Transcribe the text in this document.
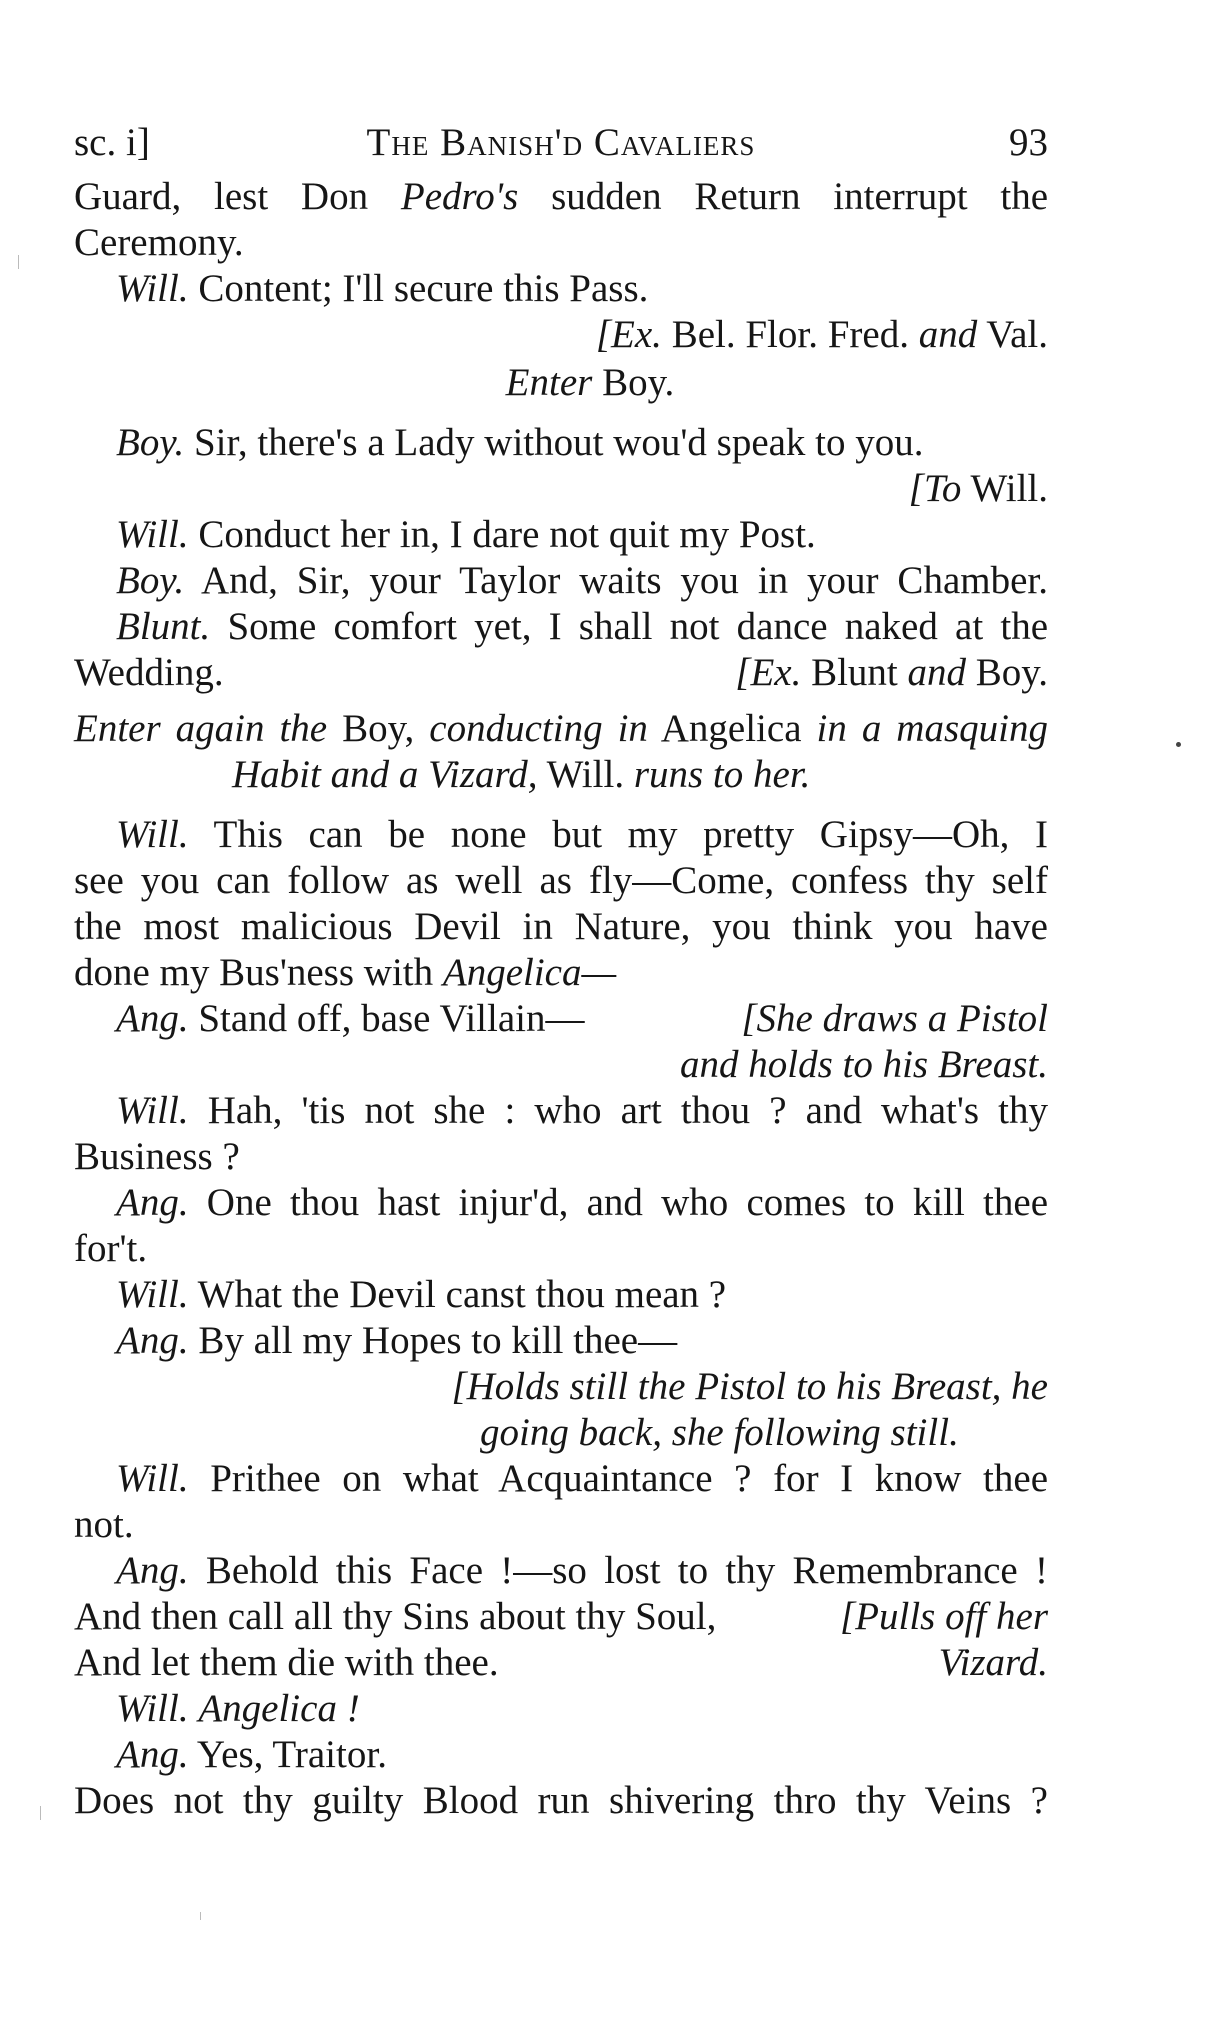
sc. i]	The Banish'd Cavaliers	93
Guard, lest Don Pedro's sudden Return interrupt the
Ceremony.
Will. Content; I'll secure this Pass.
[Ex. Bel. Flor. Fred. and Val.
Enter Boy.
Boy. Sir, there's a Lady without wou'd speak to you.
[To Will.
Will. Conduct her in, I dare not quit my Post.
Boy. And, Sir, your Taylor waits you in your Chamber.
Blunt. Some comfort yet, I shall not dance naked at the
Wedding.	[Ex. Blunt and Boy.
Enter again the Boy, conducting in Angelica in a masquing
Habit and a Vizard, Will. runs to her.
Will. This can be none but my pretty Gipsy—Oh, I
see you can follow as well as fly—Come, confess thy self
the most malicious Devil in Nature, you think you have
done my Bus'ness with Angelica—
Ang. Stand off, base Villain—	[She draws a Pistol
and holds to his Breast.
Will. Hah, 'tis not she : who art thou ? and what's thy
Business ?
Ang. One thou hast injur'd, and who comes to kill thee
for't.
Will. What the Devil canst thou mean ?
Ang. By all my Hopes to kill thee—
[Holds still the Pistol to his Breast, he
going back, she following still.
Will. Prithee on what Acquaintance ? for I know thee
not.
Ang. Behold this Face !—so lost to thy Remembrance !
And then call all thy Sins about thy Soul,	[Pulls off her
And let them die with thee.	Vizard.
Will. Angelica !
Ang. Yes, Traitor.
Does not thy guilty Blood run shivering thro thy Veins ?
